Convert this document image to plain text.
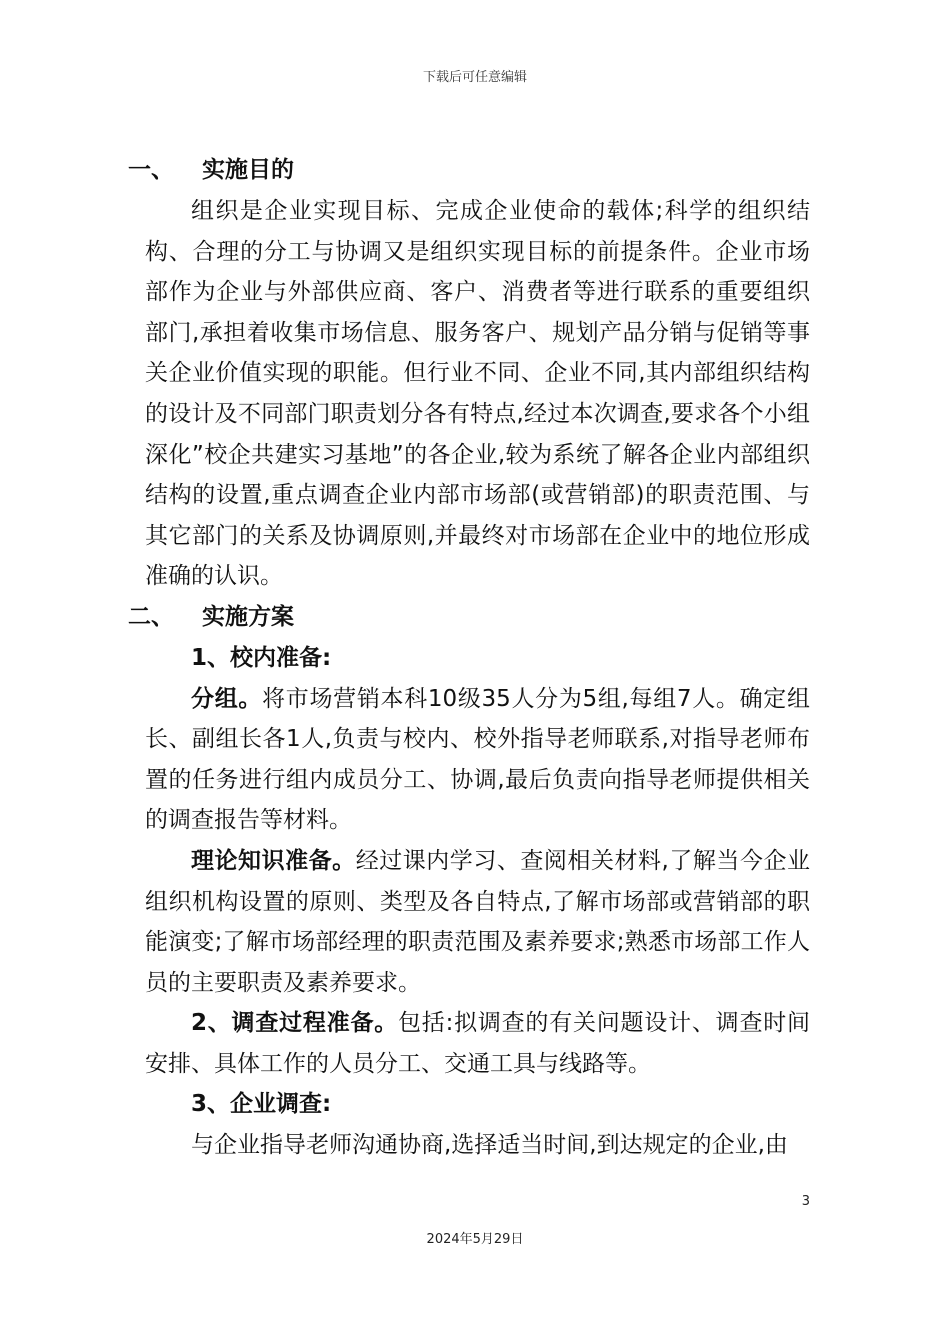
下载后可任意编辑
一、 实施目的

组织是企业实现目标、完成企业使命的载体;科学的组织结构、合理的分工与协调又是组织实现目标的前提条件。企业市场部作为企业与外部供应商、客户、消费者等进行联系的重要组织部门,承担着收集市场信息、服务客户、规划产品分销与促销等事关企业价值实现的职能。但行业不同、企业不同,其内部组织结构的设计及不同部门职责划分各有特点,经过本次调查,要求各个小组深化”校企共建实习基地”的各企业,较为系统了解各企业内部组织结构的设置,重点调查企业内部市场部(或营销部)的职责范围、与其它部门的关系及协调原则,并最终对市场部在企业中的地位形成准确的认识。

二、 实施方案

1、校内准备:

分组。将市场营销本科10级35人分为5组,每组7人。确定组长、副组长各1人,负责与校内、校外指导老师联系,对指导老师布置的任务进行组内成员分工、协调,最后负责向指导老师提供相关的调查报告等材料。

理论知识准备。经过课内学习、查阅相关材料,了解当今企业组织机构设置的原则、类型及各自特点,了解市场部或营销部的职能演变;了解市场部经理的职责范围及素养要求;熟悉市场部工作人员的主要职责及素养要求。

2、调查过程准备。包括:拟调查的有关问题设计、调查时间安排、具体工作的人员分工、交通工具与线路等。

3、企业调查:

与企业指导老师沟通协商,选择适当时间,到达规定的企业,由

3
2024年5月29日
